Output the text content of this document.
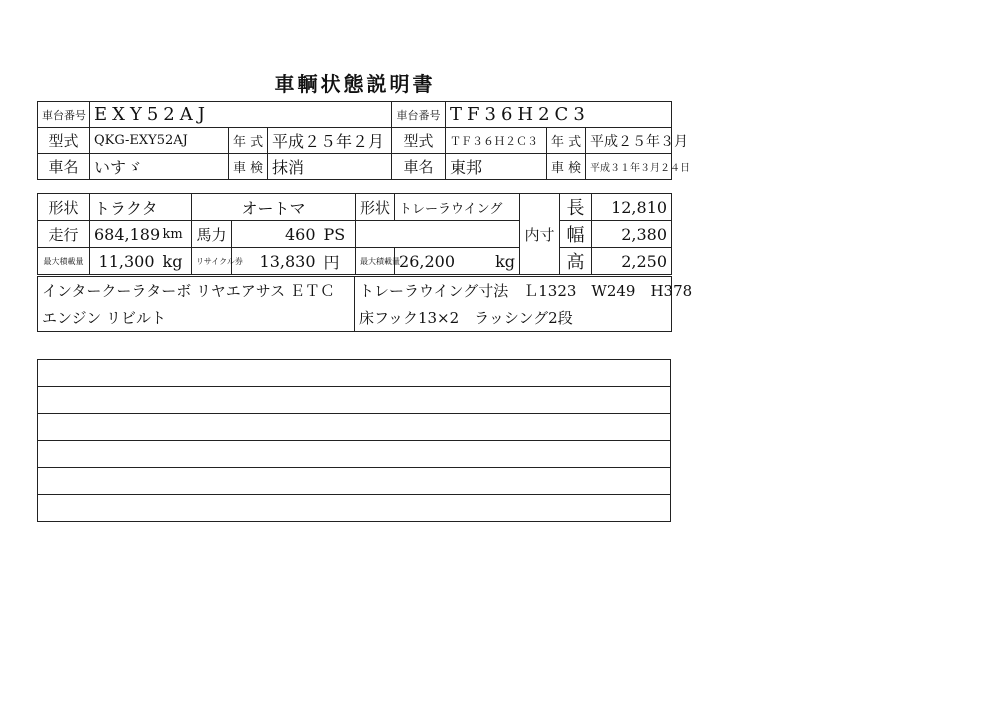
車輌状態説明書
車台番号	EXY52AJ			車台番号	TF36H2C3		
型式	QKG-EXY52AJ	年 式	平成２５年２月	型式	ＴＦ３６Ｈ２Ｃ３	年 式	平成２５年３月
車名	いすゞ	車 検	抹消	車名	東邦	車 検	平成３１年３月２４日
形状	トラクタ		オートマ			形状	トレーラウイング		内寸	長	12,810
走行	684,189	km	馬力	460	PS					幅	2,380
最大積載量	11,300	kg	リサイクル券	13,830	円	最大積載量	26,200	kg		高	2,250
インタークーラターボ リヤエアサス ＥＴＣ	トレーラウイング寸法　Ｌ1323　W249　H378
エンジン リビルト	床フック13×2　ラッシング2段
